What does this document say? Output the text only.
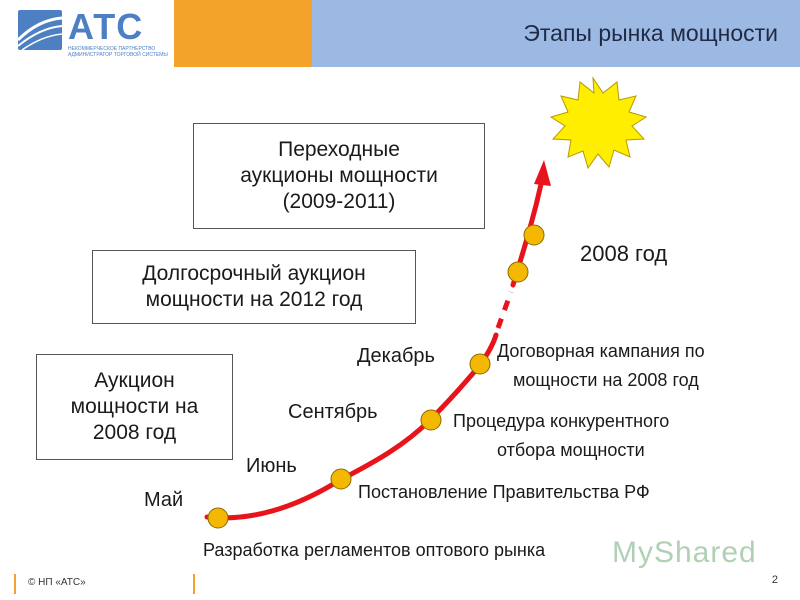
АТС
НЕКОММЕРЧЕСКОЕ ПАРТНЕРСТВО АДМИНИСТРАТОР ТОРГОВОЙ СИСТЕМЫ
Этапы рынка мощности
Переходные
аукционы мощности
(2009-2011)
Долгосрочный аукцион
мощности на 2012 год
Аукцион
мощности на
2008 год
Май
Июнь
Сентябрь
Декабрь
2008 год
Разработка регламентов оптового рынка
Постановление Правительства РФ
Процедура конкурентного
отбора мощности
Договорная кампания по
мощности на 2008 год
MyShared
© НП «АТС»	2
